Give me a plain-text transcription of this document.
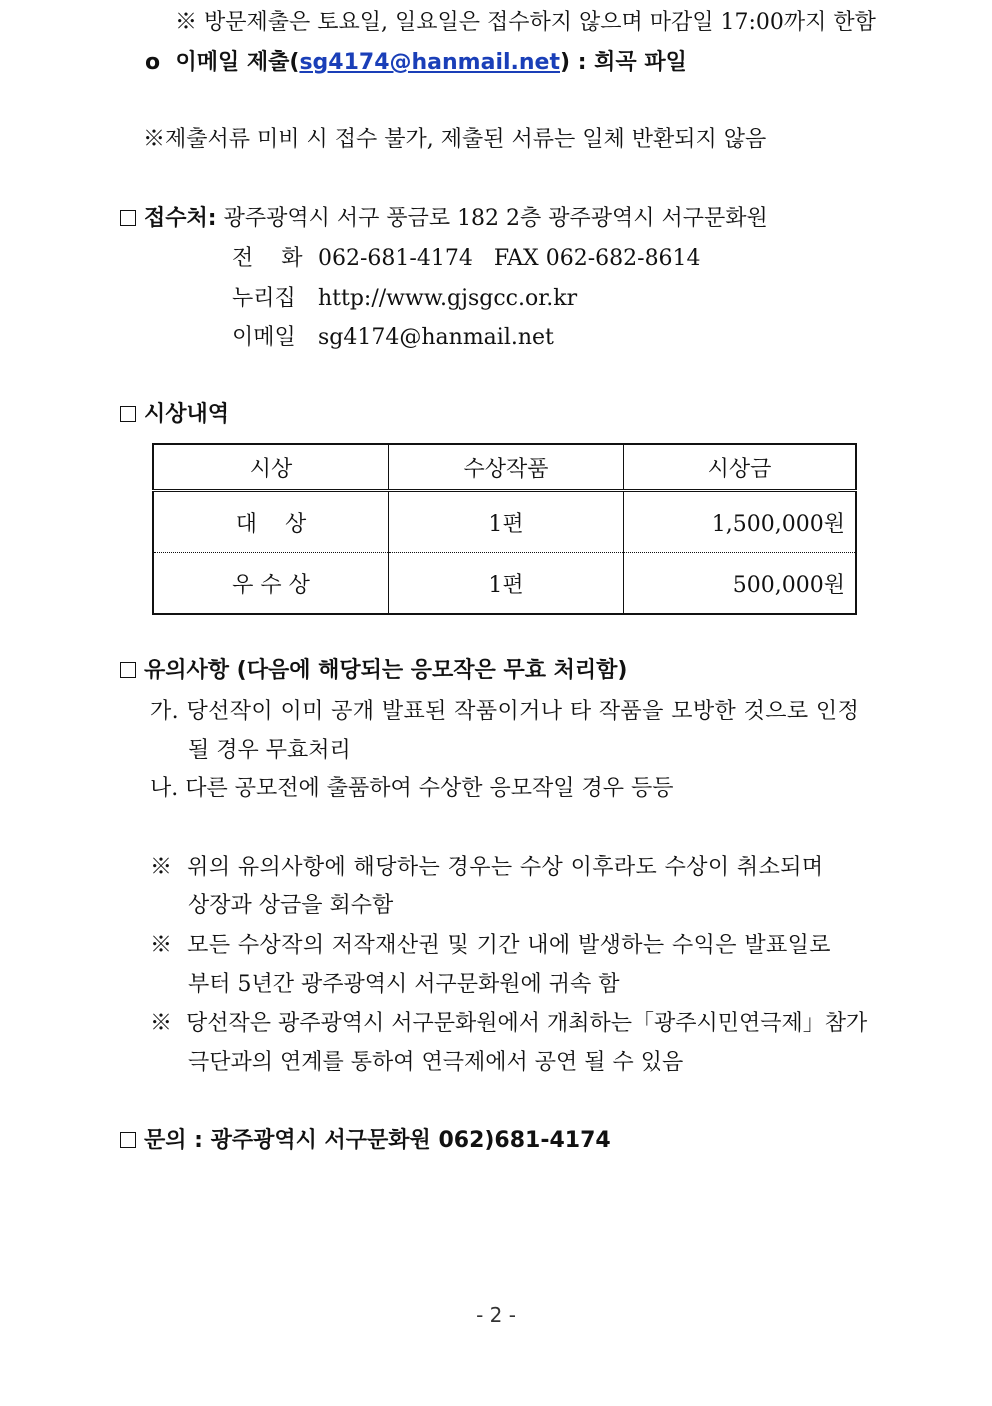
※ 방문제출은 토요일, 일요일은 접수하지 않으며 마감일 17:00까지 한함
o 이메일 제출(sg4174@hanmail.net) : 희곡 파일
※제출서류 미비 시 접수 불가, 제출된 서류는 일체 반환되지 않음
접수처: 광주광역시 서구 풍금로 182 2층 광주광역시 서구문화원
전    화 062-681-4174   FAX 062-682-8614
누리집 http://www.gjsgcc.or.kr
이메일 sg4174@hanmail.net
시상내역
시상	수상작품	시상금
대    상	1편	1,500,000원
우 수 상	1편	500,000원
유의사항 (다음에 해당되는 응모작은 무효 처리함)
가. 당선작이 이미 공개 발표된 작품이거나 타 작품을 모방한 것으로 인정
될 경우 무효처리
나. 다른 공모전에 출품하여 수상한 응모작일 경우 등등
※  위의 유의사항에 해당하는 경우는 수상 이후라도 수상이 취소되며
상장과 상금을 회수함
※  모든 수상작의 저작재산권 및 기간 내에 발생하는 수익은 발표일로
부터 5년간 광주광역시 서구문화원에 귀속 함
※  당선작은 광주광역시 서구문화원에서 개최하는「광주시민연극제」참가
극단과의 연계를 통하여 연극제에서 공연 될 수 있음
문의 : 광주광역시 서구문화원 062)681-4174
- 2 -
